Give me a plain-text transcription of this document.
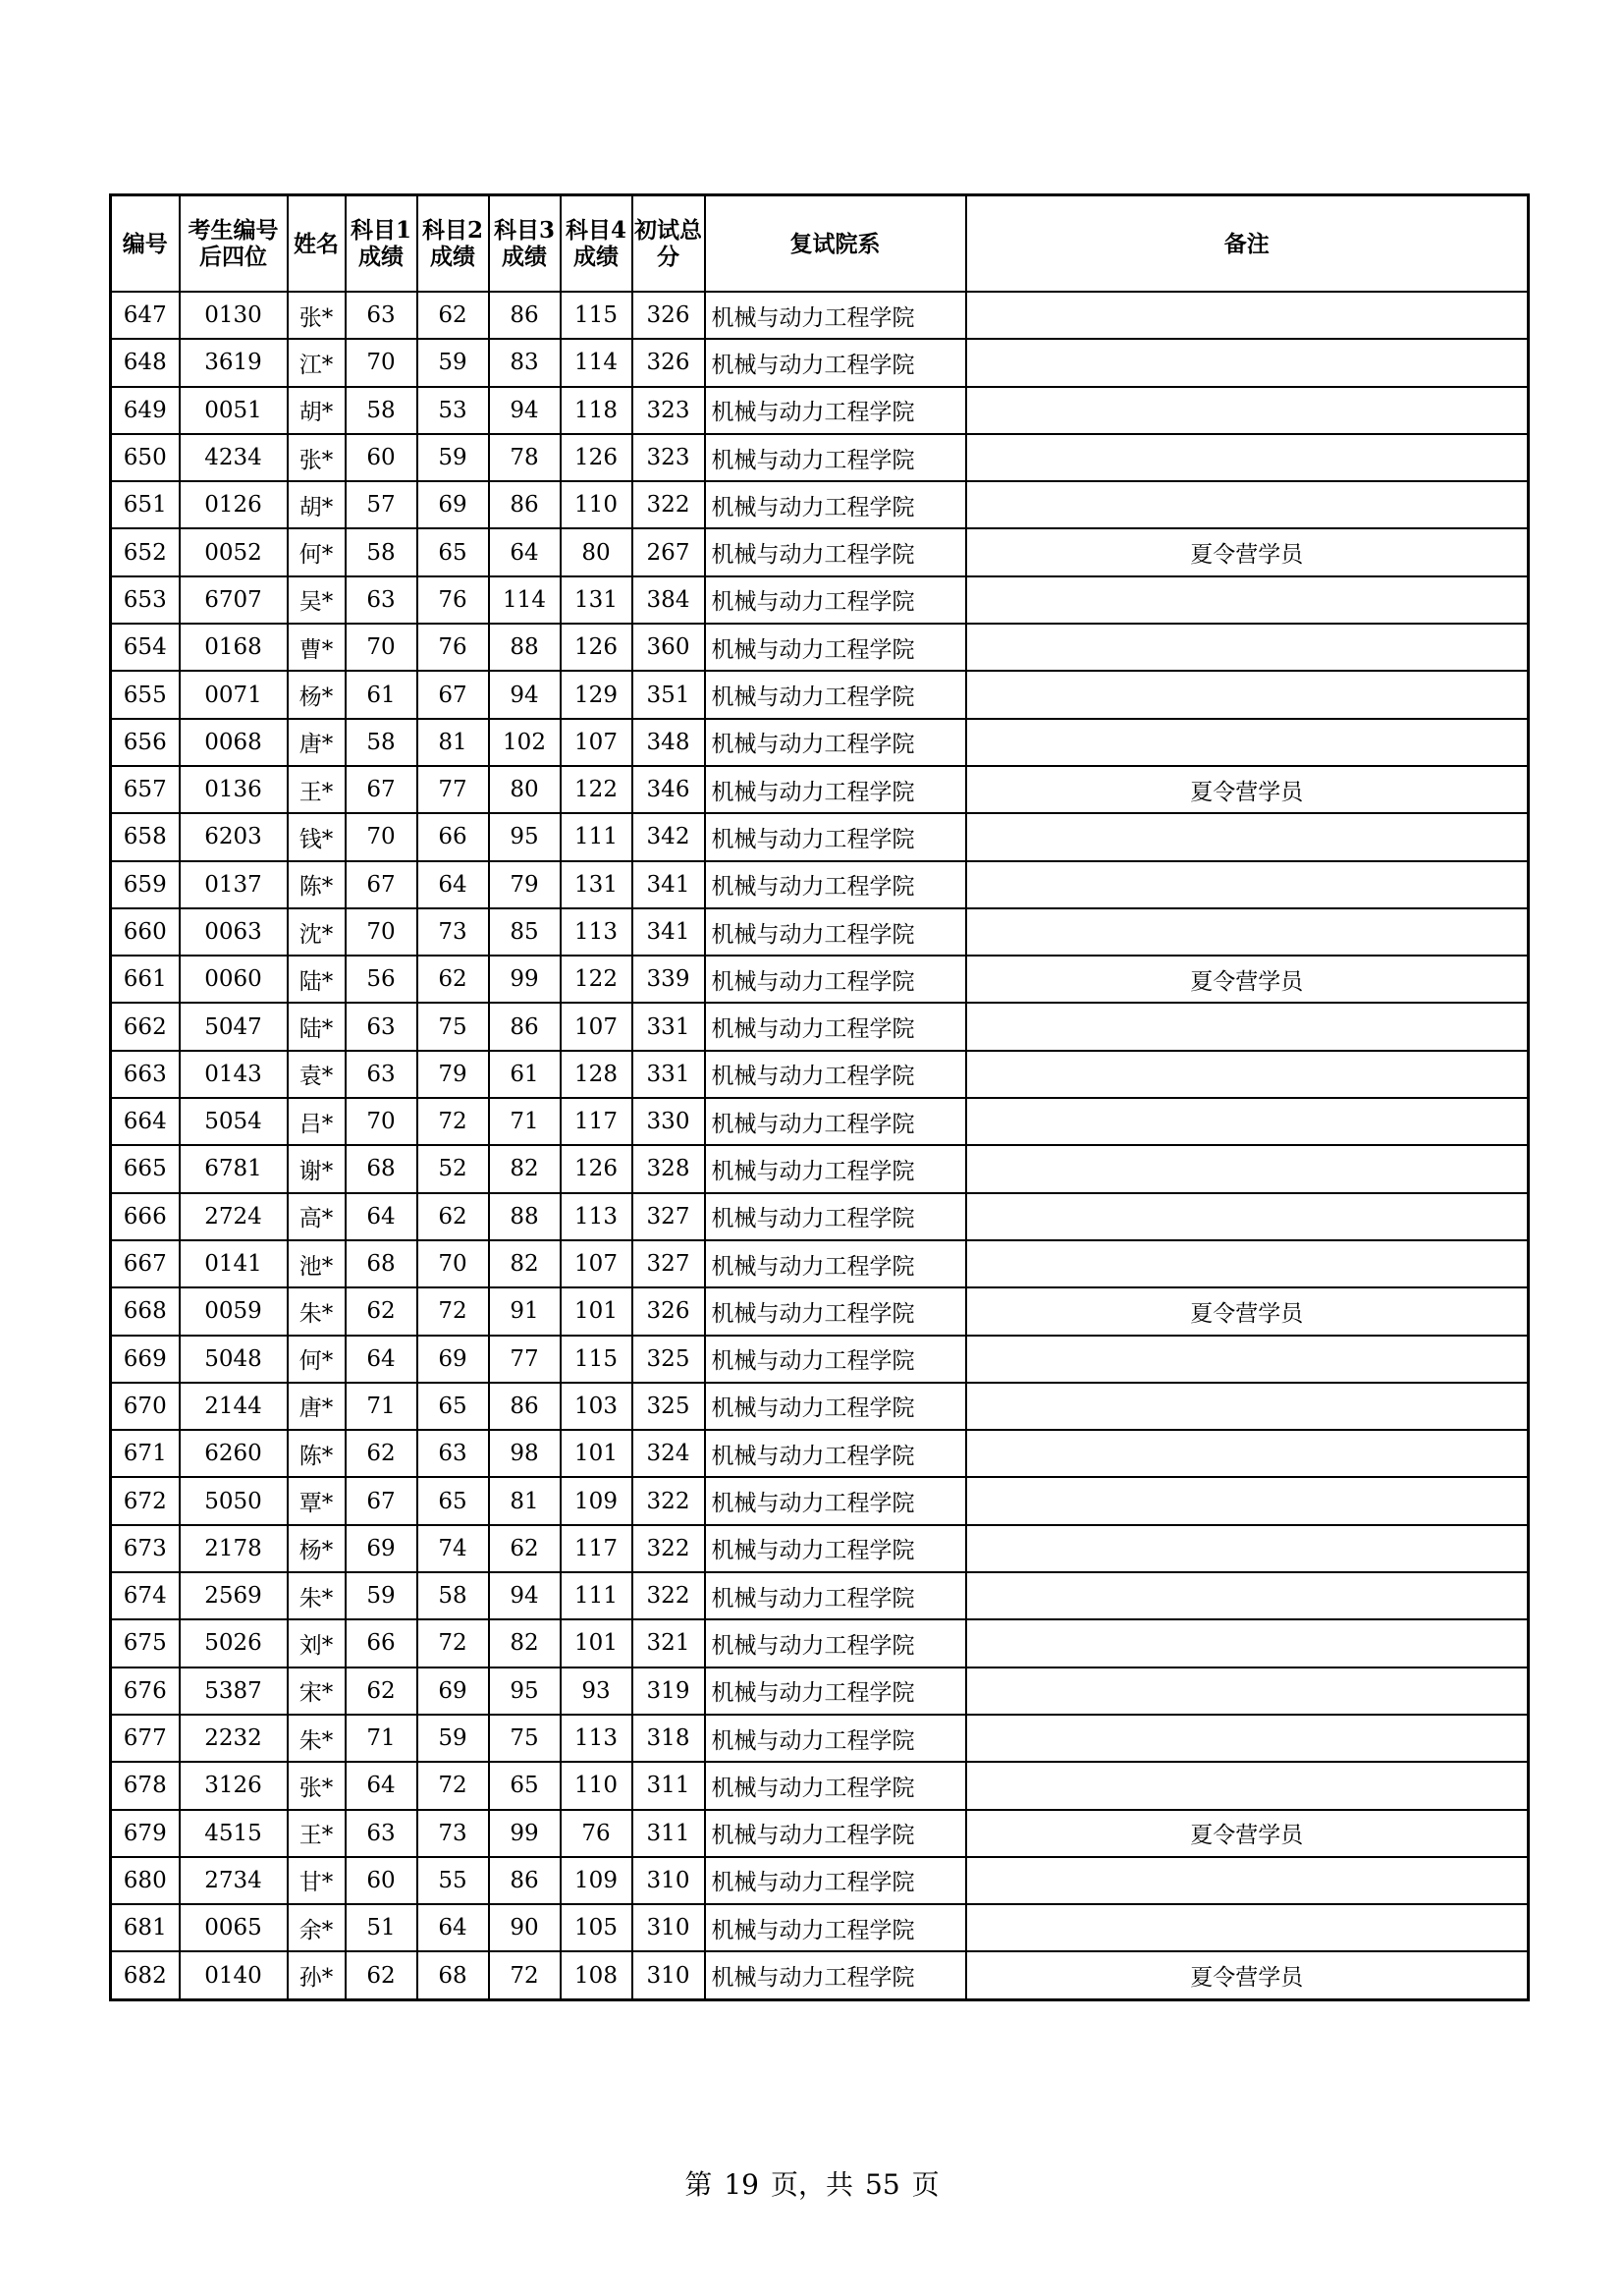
编号	考生编号后四位	姓名	科目1成绩	科目2成绩	科目3成绩	科目4成绩	初试总分	复试院系	备注
647	0130	张*	63	62	86	115	326	机械与动力工程学院	
648	3619	江*	70	59	83	114	326	机械与动力工程学院	
649	0051	胡*	58	53	94	118	323	机械与动力工程学院	
650	4234	张*	60	59	78	126	323	机械与动力工程学院	
651	0126	胡*	57	69	86	110	322	机械与动力工程学院	
652	0052	何*	58	65	64	80	267	机械与动力工程学院	夏令营学员
653	6707	吴*	63	76	114	131	384	机械与动力工程学院	
654	0168	曹*	70	76	88	126	360	机械与动力工程学院	
655	0071	杨*	61	67	94	129	351	机械与动力工程学院	
656	0068	唐*	58	81	102	107	348	机械与动力工程学院	
657	0136	王*	67	77	80	122	346	机械与动力工程学院	夏令营学员
658	6203	钱*	70	66	95	111	342	机械与动力工程学院	
659	0137	陈*	67	64	79	131	341	机械与动力工程学院	
660	0063	沈*	70	73	85	113	341	机械与动力工程学院	
661	0060	陆*	56	62	99	122	339	机械与动力工程学院	夏令营学员
662	5047	陆*	63	75	86	107	331	机械与动力工程学院	
663	0143	袁*	63	79	61	128	331	机械与动力工程学院	
664	5054	吕*	70	72	71	117	330	机械与动力工程学院	
665	6781	谢*	68	52	82	126	328	机械与动力工程学院	
666	2724	高*	64	62	88	113	327	机械与动力工程学院	
667	0141	池*	68	70	82	107	327	机械与动力工程学院	
668	0059	朱*	62	72	91	101	326	机械与动力工程学院	夏令营学员
669	5048	何*	64	69	77	115	325	机械与动力工程学院	
670	2144	唐*	71	65	86	103	325	机械与动力工程学院	
671	6260	陈*	62	63	98	101	324	机械与动力工程学院	
672	5050	覃*	67	65	81	109	322	机械与动力工程学院	
673	2178	杨*	69	74	62	117	322	机械与动力工程学院	
674	2569	朱*	59	58	94	111	322	机械与动力工程学院	
675	5026	刘*	66	72	82	101	321	机械与动力工程学院	
676	5387	宋*	62	69	95	93	319	机械与动力工程学院	
677	2232	朱*	71	59	75	113	318	机械与动力工程学院	
678	3126	张*	64	72	65	110	311	机械与动力工程学院	
679	4515	王*	63	73	99	76	311	机械与动力工程学院	夏令营学员
680	2734	甘*	60	55	86	109	310	机械与动力工程学院	
681	0065	余*	51	64	90	105	310	机械与动力工程学院	
682	0140	孙*	62	68	72	108	310	机械与动力工程学院	夏令营学员
第 19 页，共 55 页
